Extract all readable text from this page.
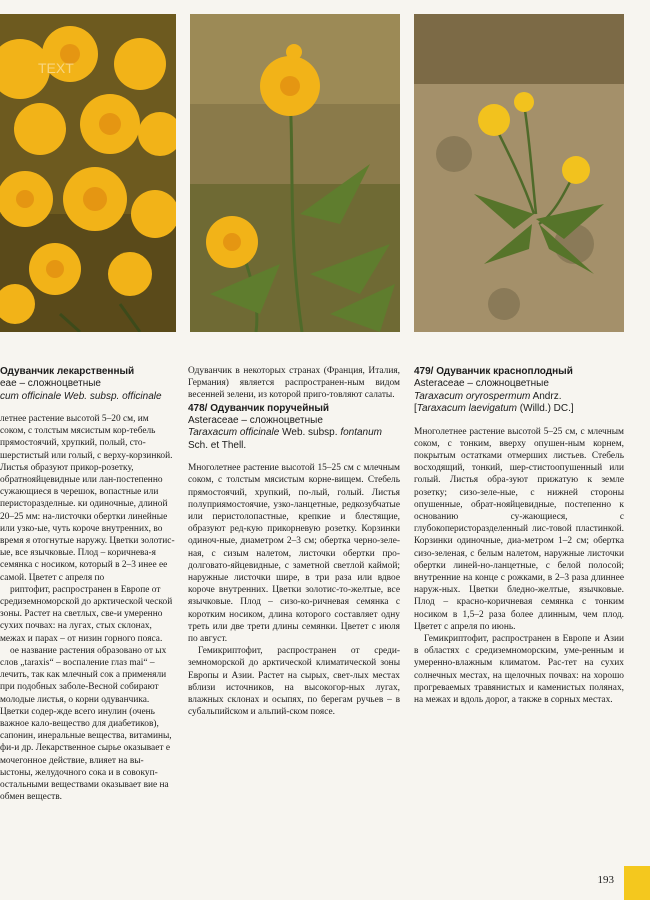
TEXT
Одуванчик лекарственный
eae – сложноцветные
cum officinale Web. subsp. officinale

летнее растение высотой 5–20 см, им соком, с толстым мясистым кор-тебель прямостоячий, хрупкий, полый, сто-шерстистый или голый, с верху-корзинкой. Листья образуют прикор-розетку, обратнояйцевидные или лан-постепенно сужающиеся в черешок, вопастные или перисторазделные. ки одиночные, длиной 20–25 мм: на-листочки обертки линейные или узко-ые, чуть короче внутренних, во время я отогнутые наружу. Цветки золотис-ые, все язычковые. Плод – коричнева-я семянка с носиком, который в 2–3 инее ее самой. Цветет с апреля по

риптофит, распространен в Европе от средиземноморской до арктической ческой зоны. Растет на светлых, све-и умеренно сухих почвах: на лугах, стых склонах, межах и парах – от низин горного пояса.

ое название растения образовано от ых слов „taraxis“ – воспаление глаз mai“ – лечить, так как млечный сок а применяли при подобных заболе-Весной собирают молодые листья, о корни одуванчика. Цветки содер-жде всего инулин (очень важное кало-вещество для диабетиков), сапонин, инеральные вещества, витамины, фи-и др. Лекарственное сырье оказывает е мочегонное действие, влияет на вы-ыстоны, желудочного сока и в совокуп-остальными веществами оказывает вие на обмен веществ.

Одуванчик в некоторых странах (Франция, Италия, Германия) является распространен-ным видом весенней зелени, из которой приго-товляют салаты.

478/ Одуванчик поручейный
Asteraceae – сложноцветные
Taraxacum officinale Web. subsp. fontanum
Sch. et Thell.

Многолетнее растение высотой 15–25 см с млечным соком, с толстым мясистым корне-вищем. Стебель прямостоячий, хрупкий, по-лый, голый. Листья полуприямостоячие, узко-ланцетные, редкозубчатые или перистолопастные, крепкие и блестящие, образуют ред-кую прикорневую розетку. Корзинки одиноч-ные, диаметром 2–3 см; обертка черно-зеле-ная, с сизым налетом, листочки обертки про-долговато-яйцевидные, с заметной светлой каймой; наружные листочки шире, в три раза или вдвое короче внутренних. Цветки золотис-то-желтые, все язычковые. Плод – сизо-ко-ричневая семянка с коротким носиком, длина которого составляет одну треть или две трети длины семянки. Цветет с июля по август.

Гемикриптофит, распространен от среди-земноморской до арктической климатической зоны Европы и Азии. Растет на сырых, свет-лых местах вблизи источников, на высокогор-ных лугах, влажных склонах и осыпях, по берегам ручьев – в субальпийском и альпий-ском поясе.

479/ Одуванчик красноплодный
Asteraceae – сложноцветные
Taraxacum oryrospermum Andrz.
[Taraxacum laevigatum (Willd.) DC.]

Многолетнее растение высотой 5–25 см, с млечным соком, с тонким, вверху опушен-ным корнем, покрытым остатками отмерших листьев. Стебель восходящий, тонкий, шер-стистоопушенный или голый. Листья обра-зуют прижатую к земле розетку; сизо-зеле-ные, с нижней стороны опушенные, обрат-нояйцевидные, постепенно к основанию су-жающиеся, с глубокоперисторазделенный лис-товой пластинкой. Корзинки одиночные, диа-метром 1–2 см; обертка сизо-зеленая, с белым налетом, наружные листочки обертки линей-но-ланцетные, с белой полосой; внутренние на конце с рожками, в 2–3 раза длиннее наруж-ных. Цветки бледно-желтые, язычковые. Плод – красно-коричневая семянка с тонким носиком в 1,5–2 раза более длинным, чем плод. Цветет с апреля по июнь.

Гемикриптофит, распространен в Европе и Азии в областях с средиземноморским, уме-ренным и умеренно-влажным климатом. Рас-тет на сухих солнечных местах, на щелочных почвах: на хорошо прогреваемых травянистых и каменистых полянах, на межах и вдоль дорог, а также в сорных местах.

193
